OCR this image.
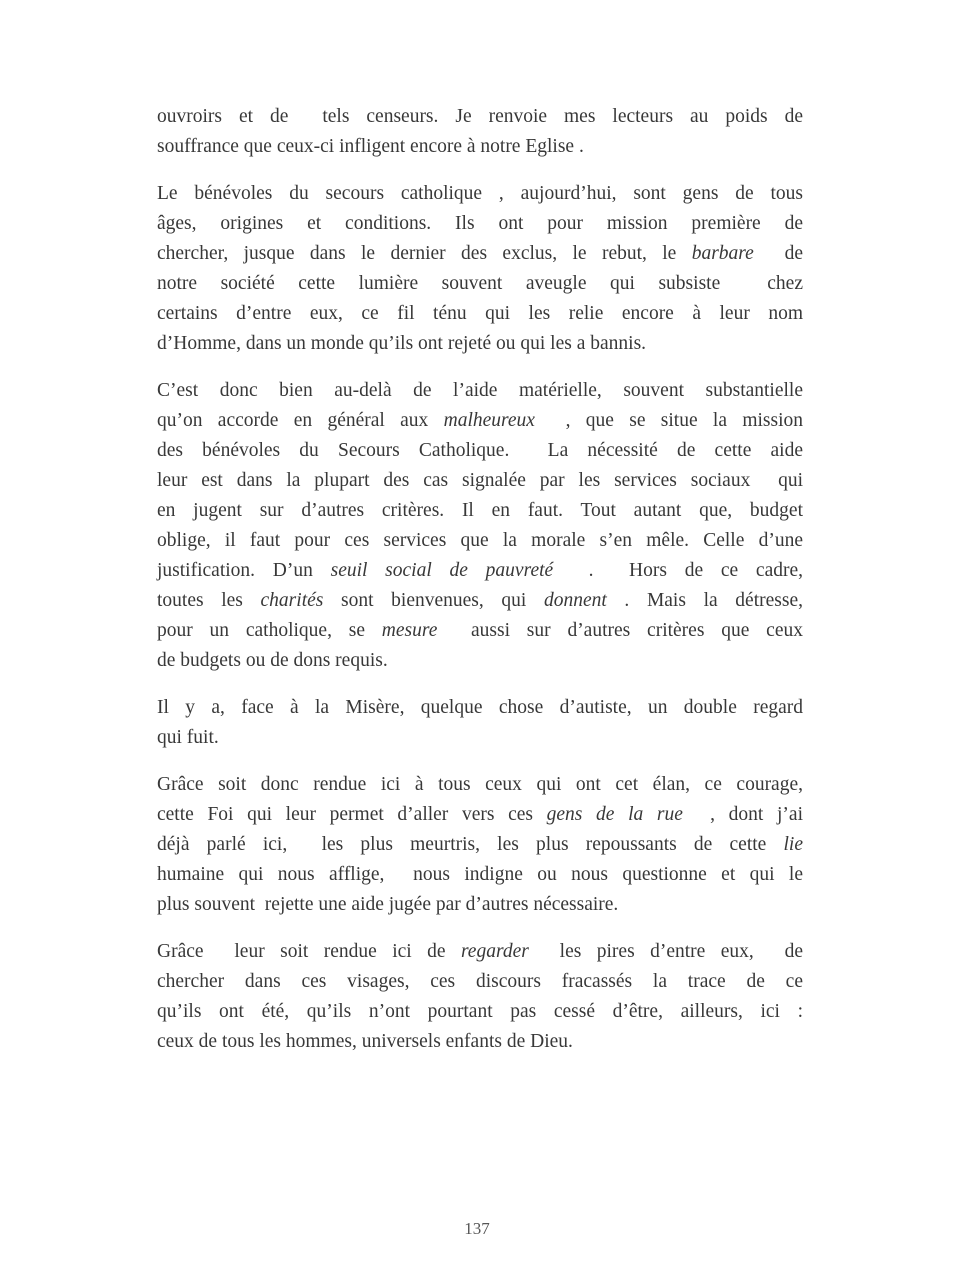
ouvroirs et de  tels censeurs. Je renvoie mes lecteurs au poids de
souffrance que ceux-ci infligent encore à notre Eglise .
Le bénévoles du secours catholique , aujourd’hui, sont gens de tous
âges, origines et conditions. Ils ont pour mission première de
chercher, jusque dans le dernier des exclus, le rebut, le barbare  de
notre société cette lumière souvent aveugle qui subsiste  chez
certains d’entre eux, ce fil ténu qui les relie encore à leur nom
d’Homme, dans un monde qu’ils ont rejeté ou qui les a bannis.
C’est donc bien au-delà de l’aide matérielle, souvent substantielle
qu’on accorde en général aux malheureux  , que se situe la mission
des bénévoles du Secours Catholique.  La nécessité de cette aide
leur est dans la plupart des cas signalée par les services sociaux  qui
en jugent sur d’autres critères. Il en faut. Tout autant que, budget
oblige, il faut pour ces services que la morale s’en mêle. Celle d’une
justification. D’un seuil social de pauvreté  .  Hors de ce cadre,
toutes les charités sont bienvenues, qui donnent . Mais la détresse,
pour un catholique, se mesure  aussi sur d’autres critères que ceux
de budgets ou de dons requis.
Il y a, face à la Misère, quelque chose d’autiste, un double regard
qui fuit.
Grâce soit donc rendue ici à tous ceux qui ont cet élan, ce courage,
cette Foi qui leur permet d’aller vers ces gens de la rue  , dont j’ai
déjà parlé ici,  les plus meurtris, les plus repoussants de cette lie
humaine qui nous afflige,  nous indigne ou nous questionne et qui le
plus souvent  rejette une aide jugée par d’autres nécessaire.
Grâce  leur soit rendue ici de regarder  les pires d’entre eux,  de
chercher dans ces visages, ces discours fracassés la trace de ce
qu’ils ont été, qu’ils n’ont pourtant pas cessé d’être, ailleurs, ici :
ceux de tous les hommes, universels enfants de Dieu.
137
